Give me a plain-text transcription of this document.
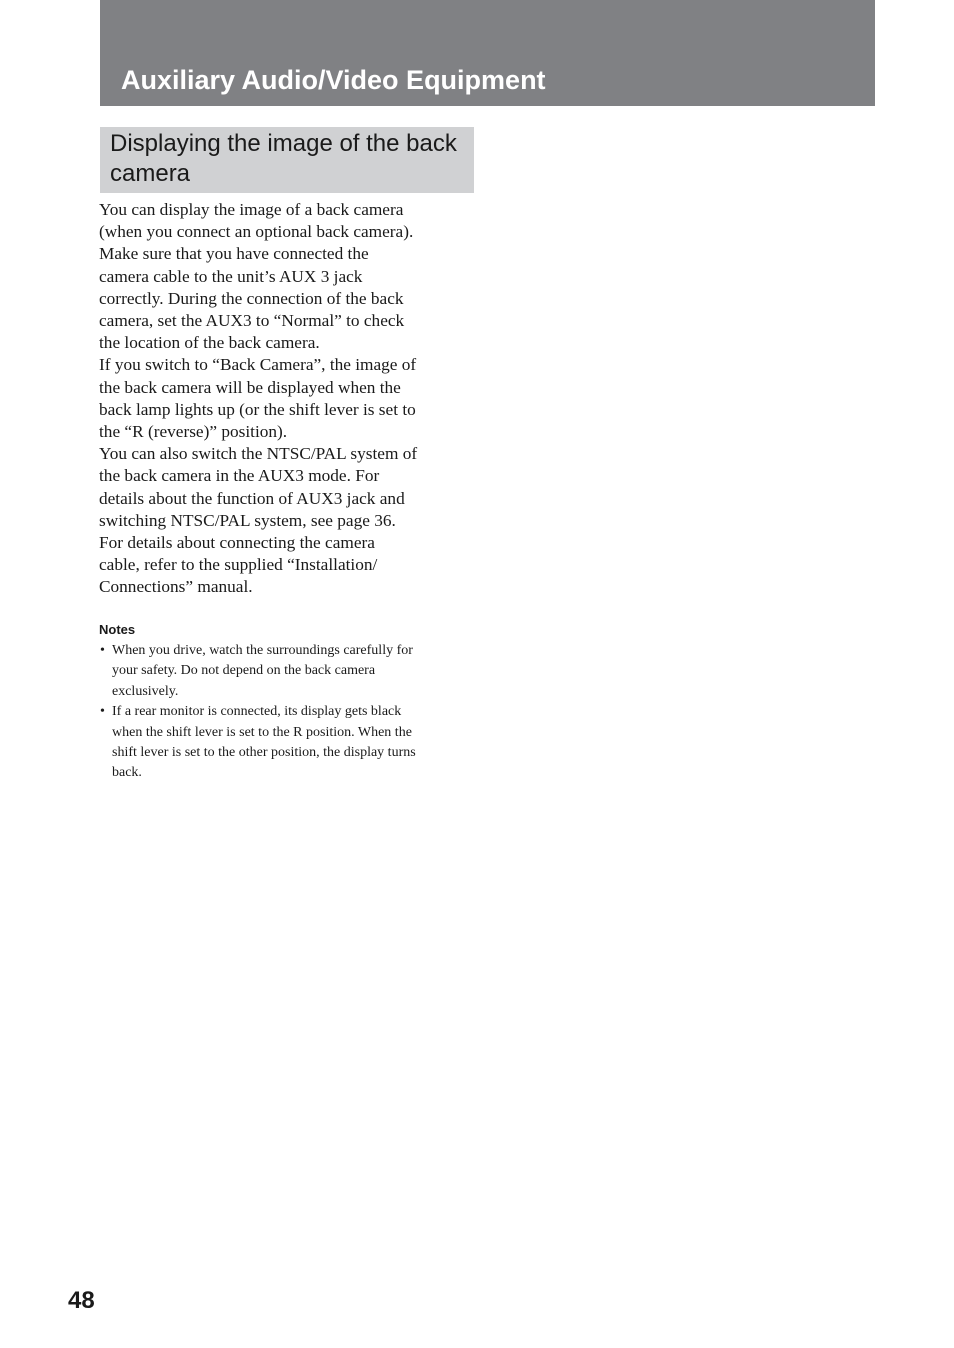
Auxiliary Audio/Video Equipment
Displaying the image of the back camera

You can display the image of a back camera
(when you connect an optional back camera).
Make sure that you have connected the
camera cable to the unit’s AUX 3 jack
correctly. During the connection of the back
camera, set the AUX3 to “Normal” to check
the location of the back camera.

If you switch to “Back Camera”, the image of
the back camera will be displayed when the
back lamp lights up (or the shift lever is set to
the “R (reverse)” position).

You can also switch the NTSC/PAL system of
the back camera in the AUX3 mode. For
details about the function of AUX3 jack and
switching NTSC/PAL system, see page 36.

For details about connecting the camera
cable, refer to the supplied “Installation/
Connections” manual.

Notes
• When you drive, watch the surroundings carefully for
your safety. Do not depend on the back camera
exclusively.
• If a rear monitor is connected, its display gets black
when the shift lever is set to the R position. When the
shift lever is set to the other position, the display turns
back.
48
